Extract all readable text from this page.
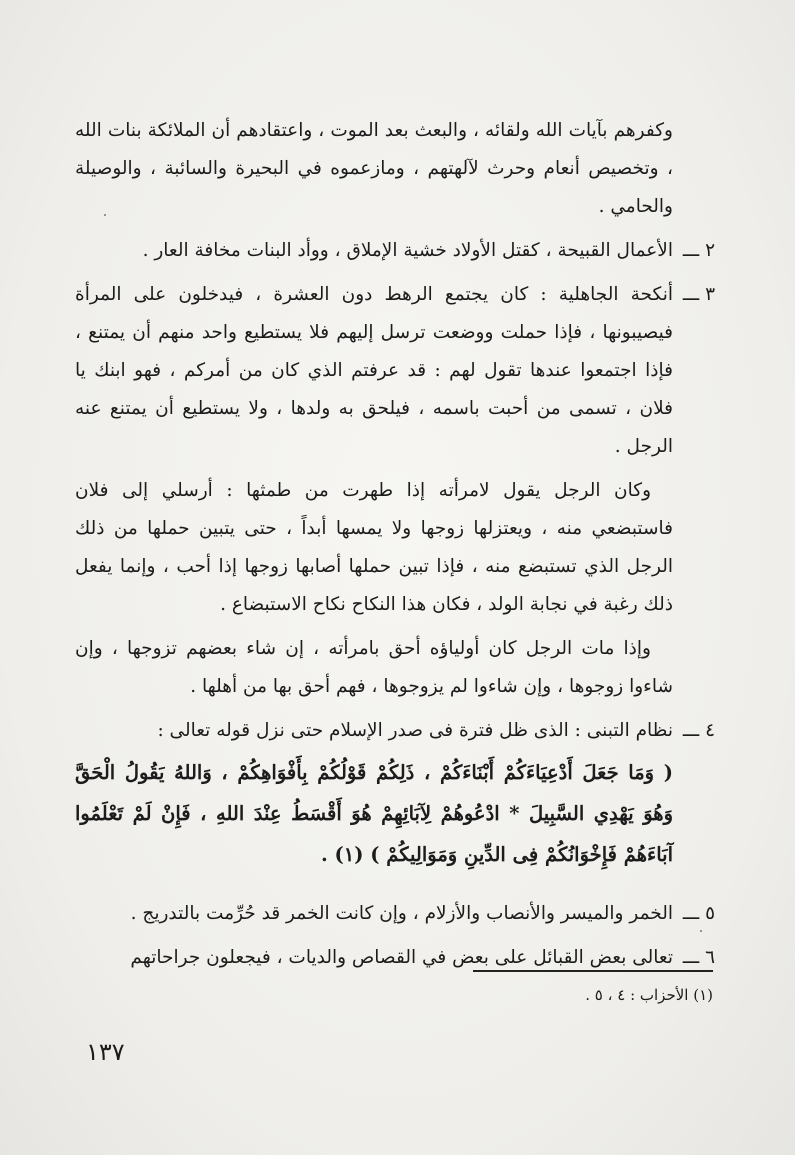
وكفرهم بآيات الله ولقائه ، والبعث بعد الموت ، واعتقادهم أن الملائكة بنات الله ، وتخصيص أنعام وحرث لآلهتهم ، ومازعموه في البحيرة والسائبة ، والوصيلة والحامي .

٢ ـــالأعمال القبيحة ، كقتل الأولاد خشية الإملاق ، ووأد البنات مخافة العار .

٣ ـــأنكحة الجاهلية : كان يجتمع الرهط دون العشرة ، فيدخلون على المرأة فيصيبونها ، فإذا حملت ووضعت ترسل إليهم فلا يستطيع واحد منهم أن يمتنع ، فإذا اجتمعوا عندها تقول لهم : قد عرفتم الذي كان من أمركم ، فهو ابنك يا فلان ، تسمى من أحبت باسمه ، فيلحق به ولدها ، ولا يستطيع أن يمتنع عنه الرجل .

وكان الرجل يقول لامرأته إذا طهرت من طمثها : أرسلي إلى فلان فاستبضعي منه ، ويعتزلها زوجها ولا يمسها أبداً ، حتى يتبين حملها من ذلك الرجل الذي تستبضع منه ، فإذا تبين حملها أصابها زوجها إذا أحب ، وإنما يفعل ذلك رغبة في نجابة الولد ، فكان هذا النكاح نكاح الاستبضاع .

وإذا مات الرجل كان أولياؤه أحق بامرأته ، إن شاء بعضهم تزوجها ، وإن شاءوا زوجوها ، وإن شاءوا لم يزوجوها ، فهم أحق بها من أهلها .

٤ ـــنظام التبنى : الذى ظل فترة فى صدر الإسلام حتى نزل قوله تعالى :

( وَمَا جَعَلَ أَدْعِيَاءَكُمْ أَبْنَاءَكُمْ ، ذَلِكُمْ قَوْلُكُمْ بِأَفْوَاهِكُمْ ، وَاللهُ يَقُولُ الْحَقَّ وَهُوَ يَهْدِي السَّبِيلَ * ادْعُوهُمْ لِآبَائِهِمْ هُوَ أَقْسَطُ عِنْدَ اللهِ ، فَإِنْ لَمْ تَعْلَمُوا آبَاءَهُمْ فَإِخْوَانُكُمْ فِى الدِّينِ وَمَوَالِيكُمْ ) (١) .

٥ ـــالخمر والميسر والأنصاب والأزلام ، وإن كانت الخمر قد حُرِّمت بالتدريج .

٦ ـــتعالى بعض القبائل على بعض في القصاص والديات ، فيجعلون جراحاتهم

(١) الأحزاب : ٤ ، ٥ .
١٣٧
